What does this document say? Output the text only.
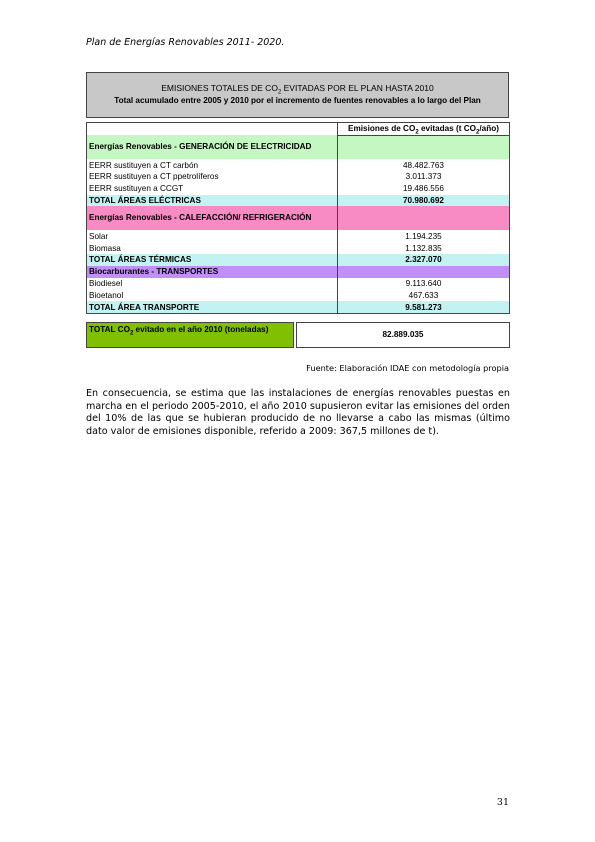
Plan de Energías Renovables 2011- 2020.
EMISIONES TOTALES DE $CO_2$ EVITADAS POR EL PLAN HASTA 2010
Total acumulado entre 2005 y 2010 por el incremento de fuentes renovables a lo largo del Plan
	Emisiones de $CO_2$ evitadas (t $CO_2/año$)
Energías Renovables - GENERACIÓN DE ELECTRICIDAD	
EERR sustituyen a CT carbón	48.482.763
EERR sustituyen a CT ppetrolíferos	3.011.373
EERR sustituyen a CCGT	19.486.556
TOTAL ÁREAS ELÉCTRICAS	70.980.692
Energías Renovables - CALEFACCIÓN/ REFRIGERACIÓN	
Solar	1.194.235
Biomasa	1.132.835
TOTAL ÁREAS TÉRMICAS	2.327.070
Biocarburantes - TRANSPORTES	
Biodiesel	9.113.640
Bioetanol	467.633
TOTAL ÁREA TRANSPORTE	9.581.273
TOTAL $CO_2$ evitado en el año 2010 (toneladas)
82.889.035
Fuente: Elaboración IDAE con metodología propia
En consecuencia, se estima que las instalaciones de energías renovables puestas en marcha en el periodo 2005-2010, el año 2010 supusieron evitar las emisiones del orden del 10% de las que se hubieran producido de no llevarse a cabo las mismas (último dato valor de emisiones disponible, referido a 2009: 367,5 millones de t).
31
